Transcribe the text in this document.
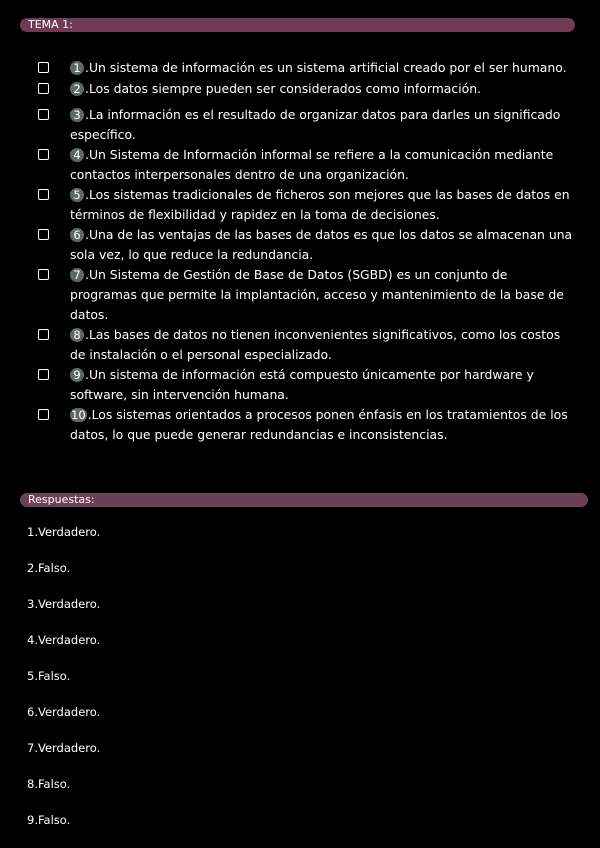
TEMA 1:
1 .Un sistema de información es un sistema artificial creado por el ser humano.
2 .Los datos siempre pueden ser considerados como información.
3 .La información es el resultado de organizar datos para darles un significado específico.
4 .Un Sistema de Información informal se refiere a la comunicación mediante contactos interpersonales dentro de una organización.
5 .Los sistemas tradicionales de ficheros son mejores que las bases de datos en términos de flexibilidad y rapidez en la toma de decisiones.
6 .Una de las ventajas de las bases de datos es que los datos se almacenan una sola vez, lo que reduce la redundancia.
7 .Un Sistema de Gestión de Base de Datos (SGBD) es un conjunto de programas que permite la implantación, acceso y mantenimiento de la base de datos.
8 .Las bases de datos no tienen inconvenientes significativos, como los costos de instalación o el personal especializado.
9 .Un sistema de información está compuesto únicamente por hardware y software, sin intervención humana.
10 .Los sistemas orientados a procesos ponen énfasis en los tratamientos de los datos, lo que puede generar redundancias e inconsistencias.
Respuestas:
1.Verdadero.
2.Falso.
3.Verdadero.
4.Verdadero.
5.Falso.
6.Verdadero.
7.Verdadero.
8.Falso.
9.Falso.
